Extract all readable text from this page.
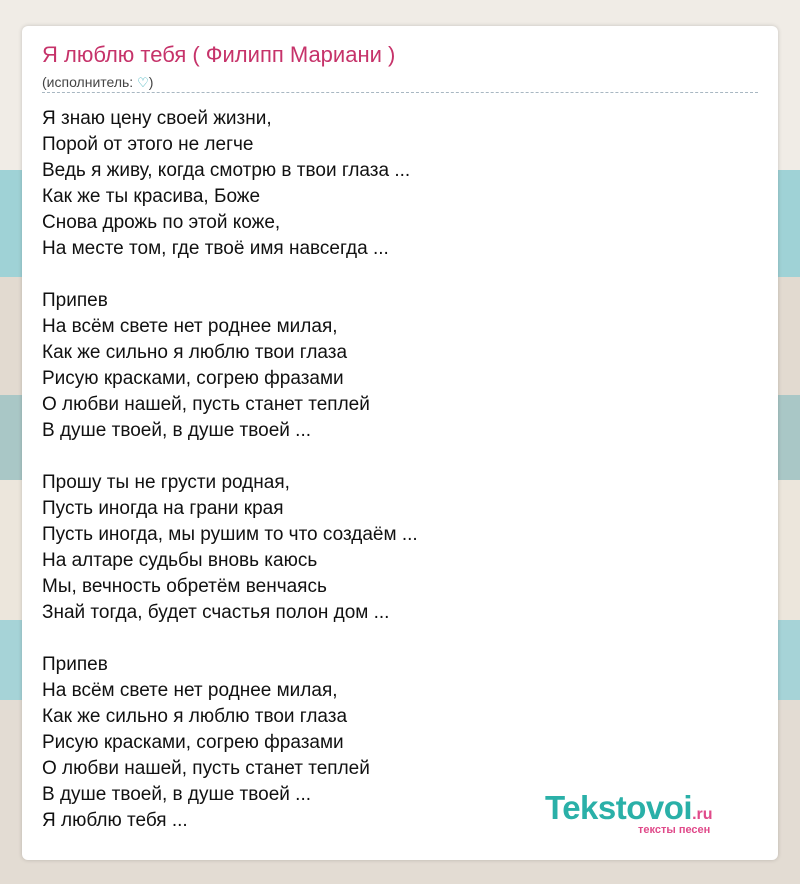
Я люблю тебя ( Филипп Мариани )
(исполнитель: ♡)
Я знаю цену своей жизни,
Порой от этого не легче
Ведь я живу, когда смотрю в твои глаза ...
Как же ты красива, Боже
Снова дрожь по этой коже,
На месте том, где твоё имя навсегда ...
Припев
На всём свете нет роднее милая,
Как же сильно я люблю твои глаза
Рисую красками, согрею фразами
О любви нашей, пусть станет теплей
В душе твоей, в душе твоей ...
Прошу ты не грусти родная,
Пусть иногда на грани края
Пусть иногда, мы рушим то что создаём ...
На алтаре судьбы вновь каюсь
Мы, вечность обретём венчаясь
Знай тогда, будет счастья полон дом ...
Припев
На всём свете нет роднее милая,
Как же сильно я люблю твои глаза
Рисую красками, согрею фразами
О любви нашей, пусть станет теплей
В душе твоей, в душе твоей ...
Я люблю тебя ...	Tekstovoi.ru
тексты песен
